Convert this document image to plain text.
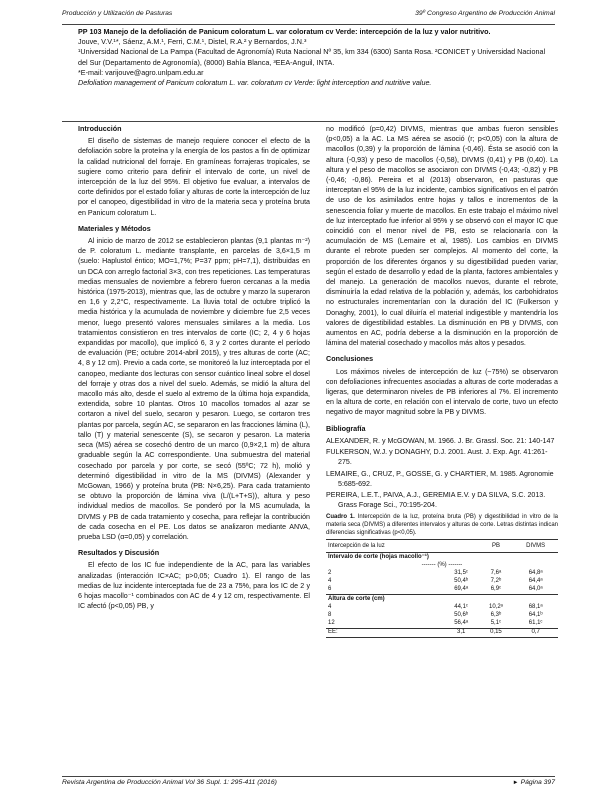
Producción y Utilización de Pasturas	39º Congreso Argentino de Producción Animal
PP 103 Manejo de la defoliación de Panicum coloratum L. var coloratum cv Verde: intercepción de la luz y valor nutritivo.
Jouve, V.V.¹*, Sáenz, A.M.¹, Ferri, C.M.¹, Distel, R.A.² y Bernardos, J.N.³
¹Universidad Nacional de La Pampa (Facultad de Agronomía) Ruta Nacional Nº 35, km 334 (6300) Santa Rosa. ²CONICET y Universidad Nacional del Sur (Departamento de Agronomía), (8000) Bahía Blanca, ³EEA-Anguil, INTA.
*E-mail: varijouve@agro.unlpam.edu.ar
Defoliation management of Panicum coloratum L. var. coloratum cv Verde: light interception and nutritive value.
Introducción

El diseño de sistemas de manejo requiere conocer el efecto de la defoliación sobre la proteína y la energía de los pastos a fin de optimizar la calidad nutricional del forraje. En gramíneas forrajeras tropicales, se sugiere como criterio para definir el intervalo de corte, un nivel de intercepción de la luz del 95%. El objetivo fue evaluar, a intervalos de corte definidos por el estado foliar y alturas de corte la intercepción de luz por el canopeo, digestibilidad in vitro de la materia seca y proteína bruta en Panicum coloratum L.

Materiales y Métodos

Al inicio de marzo de 2012 se establecieron plantas (9,1 plantas m⁻²) de P. coloratum L. mediante transplante, en parcelas de 3,6×1,5 m (suelo: Haplustol éntico; MO=1,7%; P=37 ppm; pH=7,1), distribuidas en un DCA con arreglo factorial 3×3, con tres repeticiones. Las temperaturas medias mensuales de noviembre a febrero fueron cercanas a la media histórica (1975-2013), mientras que, las de octubre y marzo la superaron en 1,6 y 2,2°C, respectivamente. La lluvia total de octubre triplicó la media histórica y la acumulada de noviembre y diciembre fue 2,5 veces menor, luego presentó valores mensuales similares a la media. Los tratamientos consistieron en tres intervalos de corte (IC; 2, 4 y 6 hojas expandidas por macollo), que implicó 6, 3 y 2 cortes durante el período de evaluación (PE; octubre 2014-abril 2015), y tres alturas de corte (AC; 4, 8 y 12 cm). Previo a cada corte, se monitoreó la luz interceptada por el canopeo, mediante dos lecturas con sensor cuántico lineal sobre el dosel del forraje y otras dos a nivel del suelo. Además, se midió la altura del macollo más alto, desde el suelo al extremo de la última hoja expandida, extendida, sobre 10 plantas. Otros 10 macollos tomados al azar se cortaron a nivel del suelo, secaron y pesaron. Luego, se cortaron tres plantas por parcela, según AC, se separaron en las fracciones lámina (L), tallo (T) y material senescente (S), se secaron y pesaron. La materia seca (MS) aérea se cosechó dentro de un marco (0,9×2,1 m) de altura graduable según la AC correspondiente. Una submuestra del material cosechado por parcela y por corte, se secó (55ºC; 72 h), molió y determinó digestibilidad in vitro de la MS (DIVMS) (Alexander y McGowan, 1966) y proteína bruta (PB: N×6,25). Para cada tratamiento se obtuvo la proporción de lámina viva (L/(L+T+S)), altura y peso individual medios de macollos. Se ponderó por la MS acumulada, la DIVMS y PB de cada tratamiento y cosecha, para reflejar la contribución de cada cosecha en el PE. Los datos se analizaron mediante ANVA, prueba LSD (α=0,05) y correlación.

Resultados y Discusión

El efecto de los IC fue independiente de la AC, para las variables analizadas (interacción IC×AC; p>0,05; Cuadro 1). El rango de las medias de luz incidente interceptada fue de 23 a 75%, para los IC de 2 y 6 hojas macollo⁻¹ combinados con AC de 4 y 12 cm, respectivamente. El IC afectó (p<0,05) PB, y

no modificó (p=0,42) DIVMS, mientras que ambas fueron sensibles (p<0,05) a la AC. La MS aérea se asoció (r; p<0,05) con la altura de macollos (0,39) y la proporción de lámina (-0,46). Ésta se asoció con la altura (-0,93) y peso de macollos (-0,58), DIVMS (0,41) y PB (0,40). La altura y el peso de macollos se asociaron con DIVMS (-0,43; -0,82) y PB (-0,46; -0,86). Pereira et al (2013) observaron, en pasturas que interceptan el 95% de la luz incidente, cambios significativos en el patrón de uso de los asimilados entre hojas y tallos e incrementos de la senescencia foliar y muerte de macollos. En este trabajo el máximo nivel de luz interceptado fue inferior al 95% y se observó con el mayor IC que coincidió con el menor nivel de PB, esto se relacionaría con la acumulación de MS (Lemaire et al, 1985). Los cambios en DIVMS durante el rebrote pueden ser complejos. Al momento del corte, la proporción de los diferentes órganos y su digestibilidad pueden variar, según el estado de desarrollo y edad de la planta, factores ambientales y del manejo. La generación de macollos nuevos, durante el rebrote, disminuiría la edad relativa de la población y, además, los carbohidratos no estructurales incrementarían con la duración del IC (Fulkerson y Donaghy, 2001), lo cual diluiría el material indigestible y mantendría los valores de digestibilidad estables. La disminución en PB y DIVMS, con aumentos en AC, podría deberse a la disminución en la proporción de lámina del material cosechado y macollos más altos y pesados.

Conclusiones

Los máximos niveles de intercepción de luz (~75%) se observaron con defoliaciones infrecuentes asociadas a alturas de corte moderadas a ligeras, que determinaron niveles de PB inferiores al 7%. El incremento en la altura de corte, en relación con el intervalo de corte, tuvo un efecto negativo de mayor magnitud sobre la PB y DIVMS.

Bibliografía
ALEXANDER, R. y McGOWAN, M. 1966. J. Br. Grassl. Soc. 21: 140-147
FULKERSON, W.J. y DONAGHY, D.J. 2001. Aust. J. Exp. Agr. 41:261-275.
LEMAIRE, G., CRUZ, P., GOSSE, G. y CHARTIER, M. 1985. Agronomie 5:685-692.
PEREIRA, L.E.T., PAIVA, A.J., GEREMIA E.V. y DA SILVA, S.C. 2013. Grass Forage Sci., 70:195-204.
Cuadro 1. Intercepción de la luz, proteína bruta (PB) y digestibilidad in vitro de la materia seca (DIVMS) a diferentes intervalos y alturas de corte. Letras distintas indican diferencias significativas (p<0,05).
Intercepción de la luz		PB	DIVMS
Intervalo de corte (hojas macollo⁻¹)			
------- (%) -------			
2	31,5ᶜ	7,6ᵃ	64,8ᵃ
4	50,4ᵇ	7,2ᵇ	64,4ᵃ
6	69,4ᵃ	6,9ᶜ	64,0ᵃ
Altura de corte (cm)			
4	44,1ᶜ	10,2ᵃ	68,1ᵃ
8	50,6ᵇ	6,3ᵇ	64,1ᵇ
12	56,4ᵃ	5,1ᶜ	61,1ᶜ
EE:	3,1	0,15	0,7
Revista Argentina de Producción Animal Vol 36 Supl. 1: 295-411 (2016)	► Página 397
